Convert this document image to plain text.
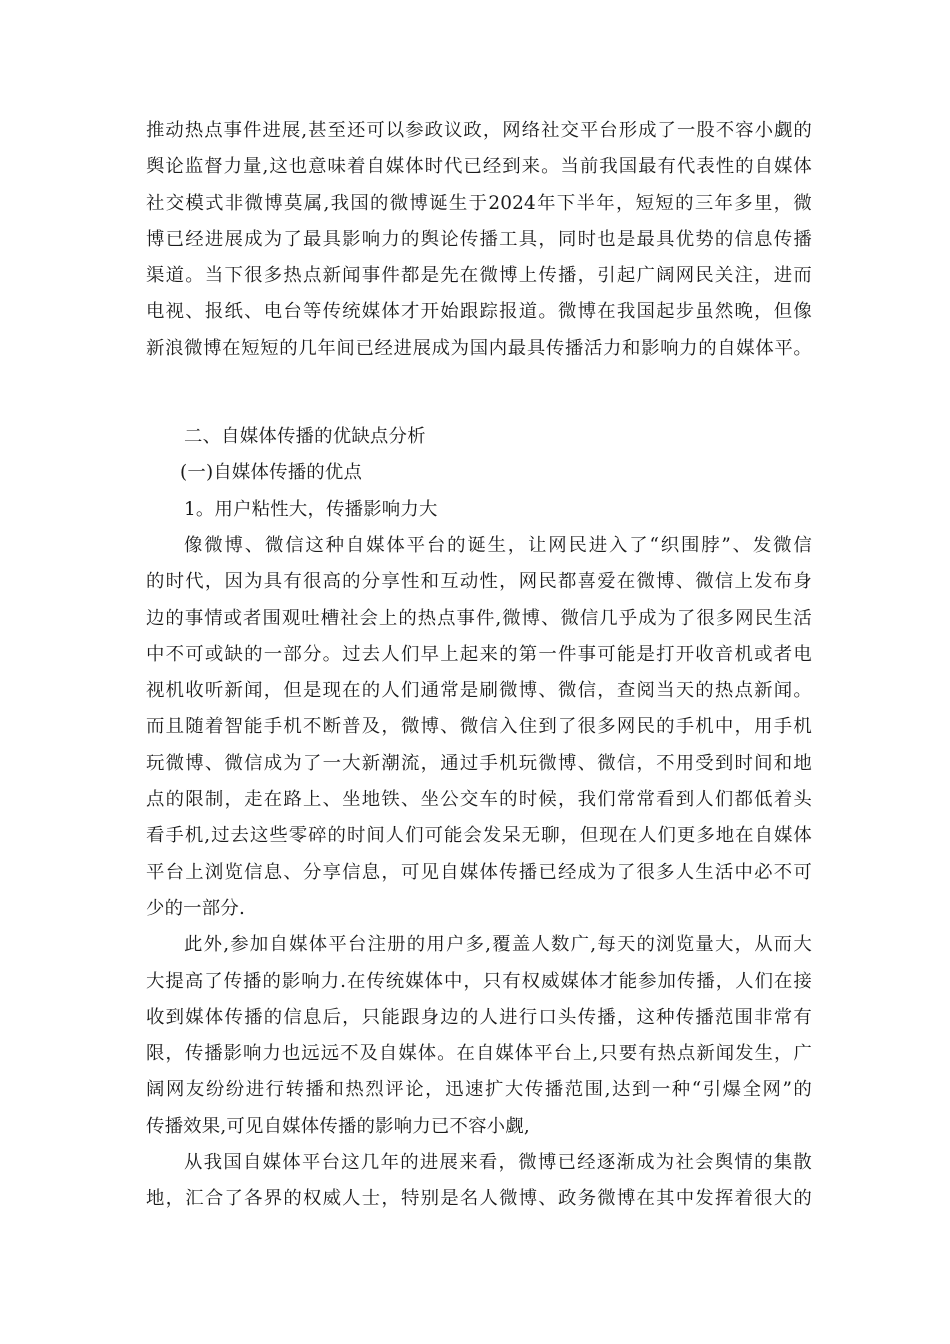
推动热点事件进展,甚至还可以参政议政，网络社交平台形成了一股不容小觑的
舆论监督力量,这也意味着自媒体时代已经到来。当前我国最有代表性的自媒体
社交模式非微博莫属,我国的微博诞生于2024年下半年，短短的三年多里，微
博已经进展成为了最具影响力的舆论传播工具，同时也是最具优势的信息传播
渠道。当下很多热点新闻事件都是先在微博上传播，引起广阔网民关注，进而
电视、报纸、电台等传统媒体才开始跟踪报道。微博在我国起步虽然晚，但像
新浪微博在短短的几年间已经进展成为国内最具传播活力和影响力的自媒体平。
二、自媒体传播的优缺点分析
(一)自媒体传播的优点
1。用户粘性大，传播影响力大
像微博、微信这种自媒体平台的诞生，让网民进入了“织围脖”、发微信
的时代，因为具有很高的分享性和互动性，网民都喜爱在微博、微信上发布身
边的事情或者围观吐槽社会上的热点事件,微博、微信几乎成为了很多网民生活
中不可或缺的一部分。过去人们早上起来的第一件事可能是打开收音机或者电
视机收听新闻，但是现在的人们通常是刷微博、微信，查阅当天的热点新闻。
而且随着智能手机不断普及，微博、微信入住到了很多网民的手机中，用手机
玩微博、微信成为了一大新潮流，通过手机玩微博、微信，不用受到时间和地
点的限制，走在路上、坐地铁、坐公交车的时候，我们常常看到人们都低着头
看手机,过去这些零碎的时间人们可能会发呆无聊，但现在人们更多地在自媒体
平台上浏览信息、分享信息，可见自媒体传播已经成为了很多人生活中必不可
少的一部分.
此外,参加自媒体平台注册的用户多,覆盖人数广,每天的浏览量大，从而大
大提高了传播的影响力.在传统媒体中，只有权威媒体才能参加传播，人们在接
收到媒体传播的信息后，只能跟身边的人进行口头传播，这种传播范围非常有
限，传播影响力也远远不及自媒体。在自媒体平台上,只要有热点新闻发生，广
阔网友纷纷进行转播和热烈评论，迅速扩大传播范围,达到一种“引爆全网”的
传播效果,可见自媒体传播的影响力已不容小觑,
从我国自媒体平台这几年的进展来看，微博已经逐渐成为社会舆情的集散
地，汇合了各界的权威人士，特别是名人微博、政务微博在其中发挥着很大的
